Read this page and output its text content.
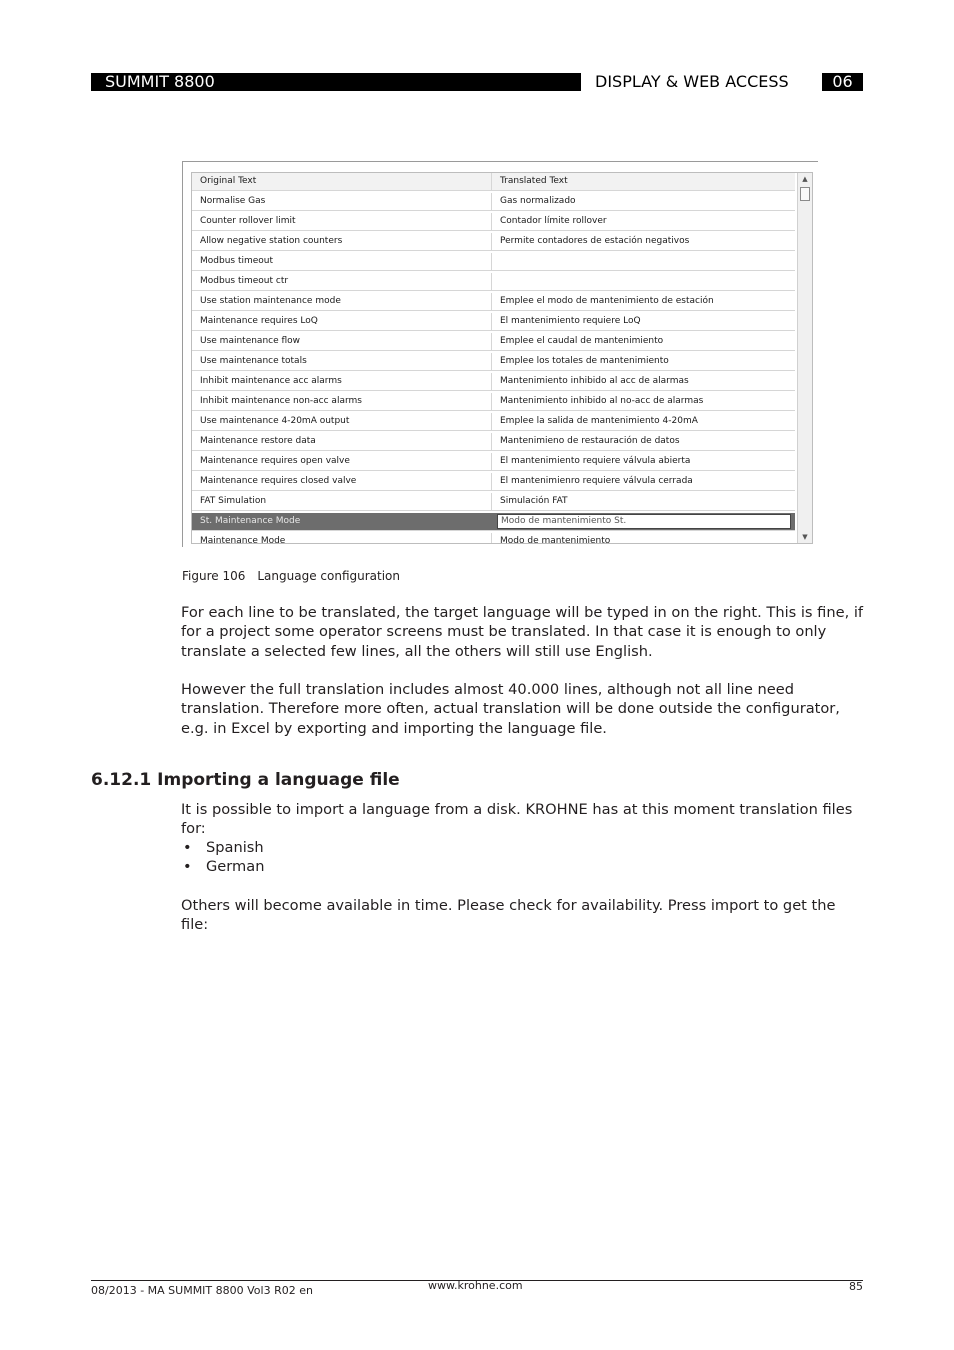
SUMMIT 8800	DISPLAY & WEB ACCESS	06
Original Text	Translated Text
Normalise Gas	Gas normalizado
Counter rollover limit	Contador límite rollover
Allow negative station counters	Permite contadores de estación negativos
Modbus timeout
Modbus timeout ctr
Use station maintenance mode	Emplee el modo de mantenimiento de estación
Maintenance requires LoQ	El mantenimiento requiere LoQ
Use maintenance flow	Emplee el caudal de mantenimiento
Use maintenance totals	Emplee los totales de mantenimiento
Inhibit maintenance acc alarms	Mantenimiento inhibido al acc de alarmas
Inhibit maintenance non-acc alarms	Mantenimiento inhibido al no-acc de alarmas
Use maintenance 4-20mA output	Emplee la salida de mantenimiento 4-20mA
Maintenance restore data	Mantenimieno de restauración de datos
Maintenance requires open valve	El mantenimiento requiere válvula abierta
Maintenance requires closed valve	El mantenimienro requiere válvula cerrada
FAT Simulation	Simulación FAT
St. Maintenance Mode	Modo de mantenimiento St.
Maintenance Mode	Modo de mantenimiento
▲
▼
Figure 106 Language configuration

For each line to be translated, the target language will be typed in on the right. This is fine, if for a project some operator screens must be translated. In that case it is enough to only translate a selected few lines, all the others will still use English.

However the full translation includes almost 40.000 lines, although not all line need translation. Therefore more often, actual translation will be done outside the configurator, e.g. in Excel by exporting and importing the language file.

6.12.1 Importing a language file

It is possible to import a language from a disk. KROHNE has at this moment translation files for:

• Spanish
• German

Others will become available in time. Please check for availability. Press import to get the file:

08/2013 - MA SUMMIT 8800 Vol3 R02 en	www.krohne.com	85
